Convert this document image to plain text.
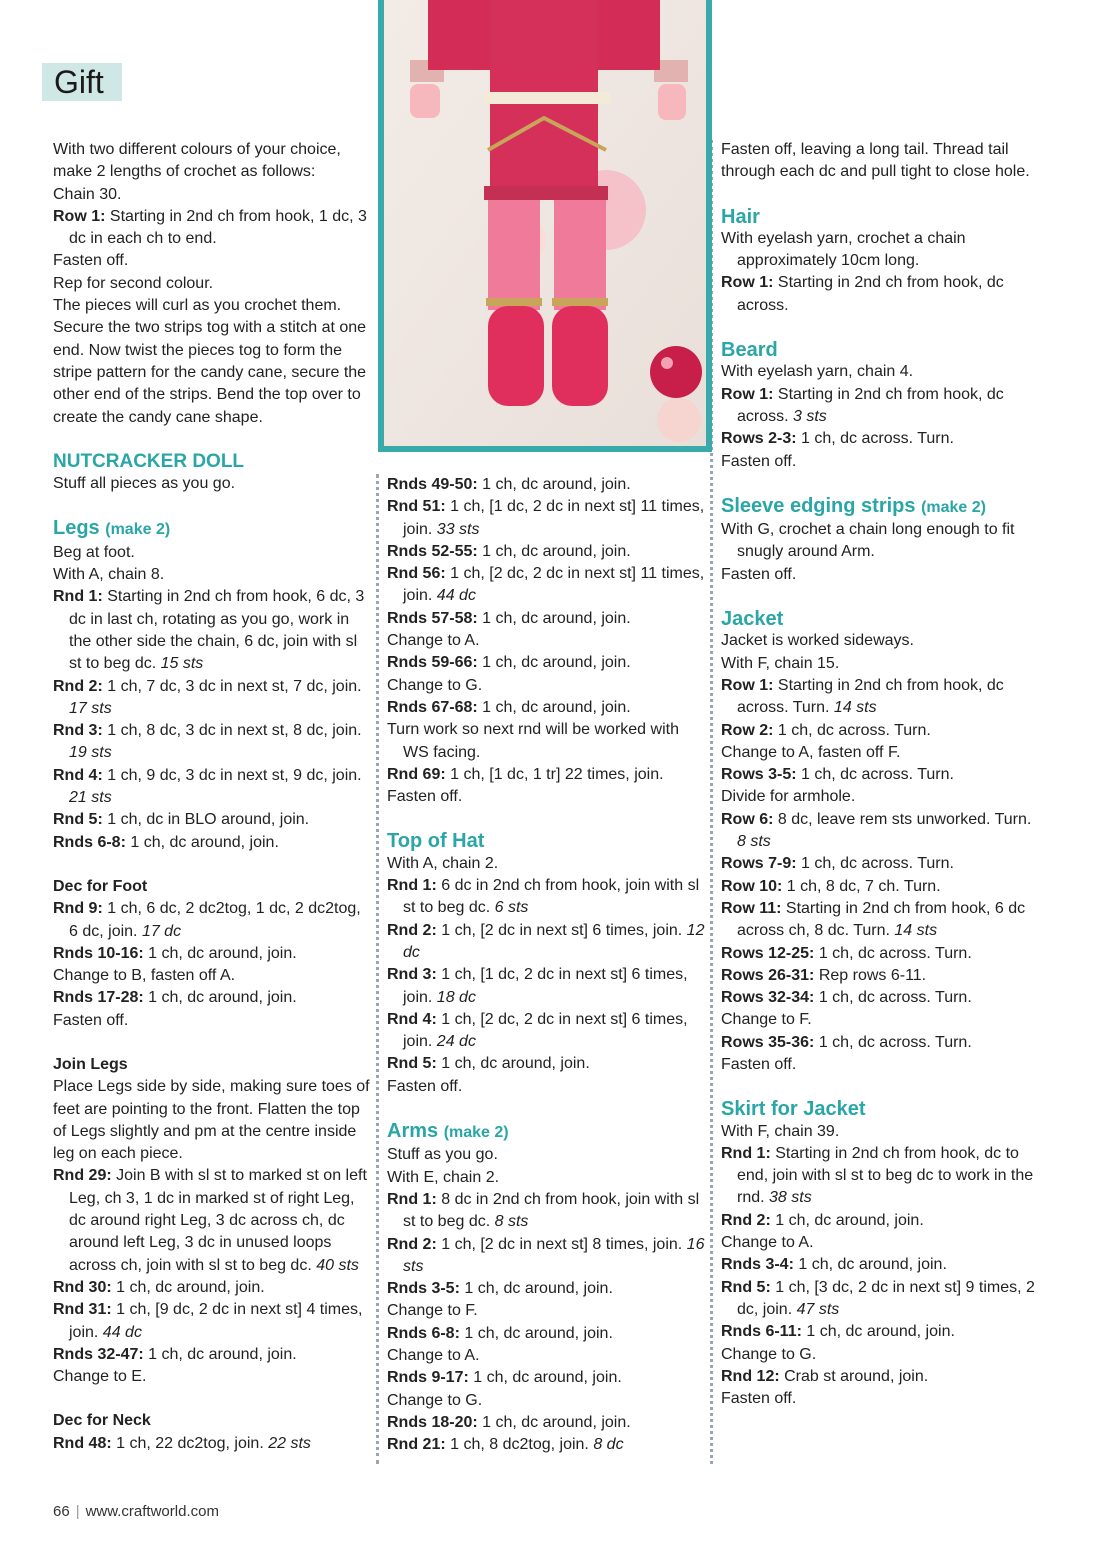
Gift

With two different colours of your choice,

make 2 lengths of crochet as follows:

Chain 30.

Row 1: Starting in 2nd ch from hook, 1 dc, 3 dc in each ch to end.

Fasten off.

Rep for second colour.

The pieces will curl as you crochet them. Secure the two strips tog with a stitch at one end. Now twist the pieces tog to form the stripe pattern for the candy cane, secure the other end of the strips. Bend the top over to create the candy cane shape.

NUTCRACKER DOLL

Stuff all pieces as you go.

Legs (make 2)

Beg at foot.

With A, chain 8.

Rnd 1: Starting in 2nd ch from hook, 6 dc, 3 dc in last ch, rotating as you go, work in the other side the chain, 6 dc, join with sl st to beg dc. 15 sts

Rnd 2: 1 ch, 7 dc, 3 dc in next st, 7 dc, join. 17 sts

Rnd 3: 1 ch, 8 dc, 3 dc in next st, 8 dc, join. 19 sts

Rnd 4: 1 ch, 9 dc, 3 dc in next st, 9 dc, join. 21 sts

Rnd 5: 1 ch, dc in BLO around, join.

Rnds 6-8: 1 ch, dc around, join.

Dec for Foot

Rnd 9: 1 ch, 6 dc, 2 dc2tog, 1 dc, 2 dc2tog, 6 dc, join. 17 dc

Rnds 10-16: 1 ch, dc around, join.

Change to B, fasten off A.

Rnds 17-28: 1 ch, dc around, join.

Fasten off.

Join Legs

Place Legs side by side, making sure toes of feet are pointing to the front. Flatten the top of Legs slightly and pm at the centre inside leg on each piece.

Rnd 29: Join B with sl st to marked st on left Leg, ch 3, 1 dc in marked st of right Leg, dc around right Leg, 3 dc across ch, dc around left Leg, 3 dc in unused loops across ch, join with sl st to beg dc. 40 sts

Rnd 30: 1 ch, dc around, join.

Rnd 31: 1 ch, [9 dc, 2 dc in next st] 4 times, join. 44 dc

Rnds 32-47: 1 ch, dc around, join.

Change to E.

Dec for Neck

Rnd 48: 1 ch, 22 dc2tog, join. 22 sts

Rnds 49-50: 1 ch, dc around, join.

Rnd 51: 1 ch, [1 dc, 2 dc in next st] 11 times, join. 33 sts

Rnds 52-55: 1 ch, dc around, join.

Rnd 56: 1 ch, [2 dc, 2 dc in next st] 11 times, join. 44 dc

Rnds 57-58: 1 ch, dc around, join.

Change to A.

Rnds 59-66: 1 ch, dc around, join.

Change to G.

Rnds 67-68: 1 ch, dc around, join.

Turn work so next rnd will be worked with WS facing.

Rnd 69: 1 ch, [1 dc, 1 tr] 22 times, join.

Fasten off.

Top of Hat

With A, chain 2.

Rnd 1: 6 dc in 2nd ch from hook, join with sl st to beg dc. 6 sts

Rnd 2: 1 ch, [2 dc in next st] 6 times, join. 12 dc

Rnd 3: 1 ch, [1 dc, 2 dc in next st] 6 times, join. 18 dc

Rnd 4: 1 ch, [2 dc, 2 dc in next st] 6 times, join. 24 dc

Rnd 5: 1 ch, dc around, join.

Fasten off.

Arms (make 2)

Stuff as you go.

With E, chain 2.

Rnd 1: 8 dc in 2nd ch from hook, join with sl st to beg dc. 8 sts

Rnd 2: 1 ch, [2 dc in next st] 8 times, join. 16 sts

Rnds 3-5: 1 ch, dc around, join.

Change to F.

Rnds 6-8: 1 ch, dc around, join.

Change to A.

Rnds 9-17: 1 ch, dc around, join.

Change to G.

Rnds 18-20: 1 ch, dc around, join.

Rnd 21: 1 ch, 8 dc2tog, join. 8 dc

Fasten off, leaving a long tail. Thread tail through each dc and pull tight to close hole.

Hair

With eyelash yarn, crochet a chain approximately 10cm long.

Row 1: Starting in 2nd ch from hook, dc across.

Beard

With eyelash yarn, chain 4.

Row 1: Starting in 2nd ch from hook, dc across. 3 sts

Rows 2-3: 1 ch, dc across. Turn.

Fasten off.

Sleeve edging strips (make 2)

With G, crochet a chain long enough to fit snugly around Arm.

Fasten off.

Jacket

Jacket is worked sideways.

With F, chain 15.

Row 1: Starting in 2nd ch from hook, dc across. Turn. 14 sts

Row 2: 1 ch, dc across. Turn.

Change to A, fasten off F.

Rows 3-5: 1 ch, dc across. Turn.

Divide for armhole.

Row 6: 8 dc, leave rem sts unworked. Turn. 8 sts

Rows 7-9: 1 ch, dc across. Turn.

Row 10: 1 ch, 8 dc, 7 ch. Turn.

Row 11: Starting in 2nd ch from hook, 6 dc across ch, 8 dc. Turn. 14 sts

Rows 12-25: 1 ch, dc across. Turn.

Rows 26-31: Rep rows 6-11.

Rows 32-34: 1 ch, dc across. Turn.

Change to F.

Rows 35-36: 1 ch, dc across. Turn.

Fasten off.

Skirt for Jacket

With F, chain 39.

Rnd 1: Starting in 2nd ch from hook, dc to end, join with sl st to beg dc to work in the rnd. 38 sts

Rnd 2: 1 ch, dc around, join.

Change to A.

Rnds 3-4: 1 ch, dc around, join.

Rnd 5: 1 ch, [3 dc, 2 dc in next st] 9 times, 2 dc, join. 47 sts

Rnds 6-11: 1 ch, dc around, join.

Change to G.

Rnd 12: Crab st around, join.

Fasten off.

66 | www.craftworld.com
